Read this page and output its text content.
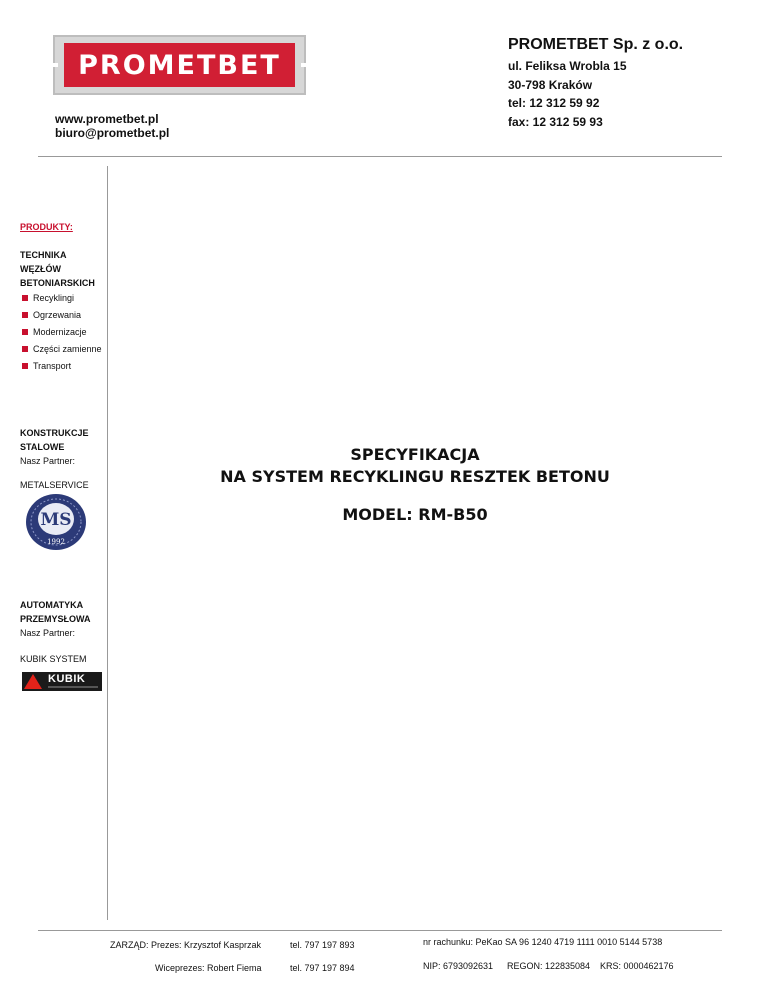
PROMETBET
www.prometbet.pl
biuro@prometbet.pl
PROMETBET Sp. z o.o.
ul. Feliksa Wrobla 15
30-798 Kraków
tel: 12 312 59 92
fax: 12 312 59 93
PRODUKTY:
TECHNIKA
WĘZŁÓW
BETONIARSKICH
Recyklingi
Ogrzewania
Modernizacje
Części zamienne
Transport
KONSTRUKCJE
STALOWE
Nasz Partner:
METALSERVICE
MS
1992
AUTOMATYKA
PRZEMYSŁOWA
Nasz Partner:
KUBIK SYSTEM
KUBIK
SPECYFIKACJA
NA SYSTEM RECYKLINGU RESZTEK BETONU
MODEL: RM-B50
ZARZĄD: Prezes: Krzysztof Kasprzak	tel. 797 197 893	nr rachunku: PeKao SA 96 1240 4719 1111 0010 5144 5738
Wiceprezes: Robert Fiema	tel. 797 197 894	NIP: 6793092631 REGON: 122835084 KRS: 0000462176
